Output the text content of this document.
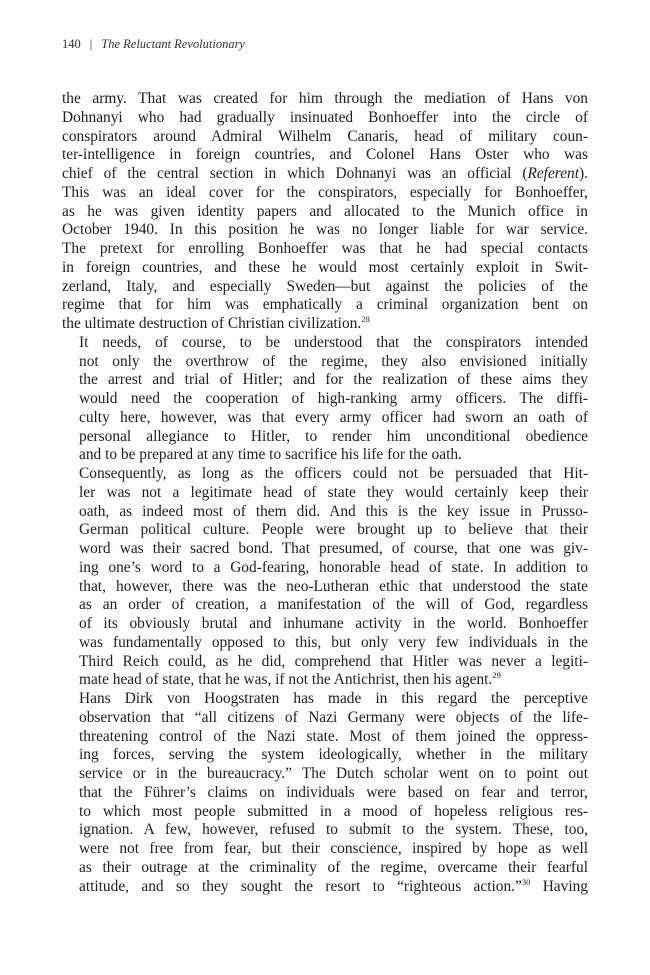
140 | The Reluctant Revolutionary

the army. That was created for him through the mediation of Hans von
Dohnanyi who had gradually insinuated Bonhoeffer into the circle of
conspirators around Admiral Wilhelm Canaris, head of military coun-
ter-intelligence in foreign countries, and Colonel Hans Oster who was
chief of the central section in which Dohnanyi was an official (Referent).
This was an ideal cover for the conspirators, especially for Bonhoeffer,
as he was given identity papers and allocated to the Munich office in
October 1940. In this position he was no longer liable for war service.
The pretext for enrolling Bonhoeffer was that he had special contacts
in foreign countries, and these he would most certainly exploit in Swit-
zerland, Italy, and especially Sweden—but against the policies of the
regime that for him was emphatically a criminal organization bent on
the ultimate destruction of Christian civilization.$^{28}$

It needs, of course, to be understood that the conspirators intended
not only the overthrow of the regime, they also envisioned initially
the arrest and trial of Hitler; and for the realization of these aims they
would need the cooperation of high-ranking army officers. The diffi-
culty here, however, was that every army officer had sworn an oath of
personal allegiance to Hitler, to render him unconditional obedience
and to be prepared at any time to sacrifice his life for the oath.

Consequently, as long as the officers could not be persuaded that Hit-
ler was not a legitimate head of state they would certainly keep their
oath, as indeed most of them did. And this is the key issue in Prusso-
German political culture. People were brought up to believe that their
word was their sacred bond. That presumed, of course, that one was giv-
ing one’s word to a God-fearing, honorable head of state. In addition to
that, however, there was the neo-Lutheran ethic that understood the state
as an order of creation, a manifestation of the will of God, regardless
of its obviously brutal and inhumane activity in the world. Bonhoeffer
was fundamentally opposed to this, but only very few individuals in the
Third Reich could, as he did, comprehend that Hitler was never a legiti-
mate head of state, that he was, if not the Antichrist, then his agent.$^{29}$

Hans Dirk von Hoogstraten has made in this regard the perceptive
observation that “all citizens of Nazi Germany were objects of the life-
threatening control of the Nazi state. Most of them joined the oppress-
ing forces, serving the system ideologically, whether in the military
service or in the bureaucracy.” The Dutch scholar went on to point out
that the Führer’s claims on individuals were based on fear and terror,
to which most people submitted in a mood of hopeless religious res-
ignation. A few, however, refused to submit to the system. These, too,
were not free from fear, but their conscience, inspired by hope as well
as their outrage at the criminality of the regime, overcame their fearful
attitude, and so they sought the resort to “righteous action.”$^{30}$ Having
